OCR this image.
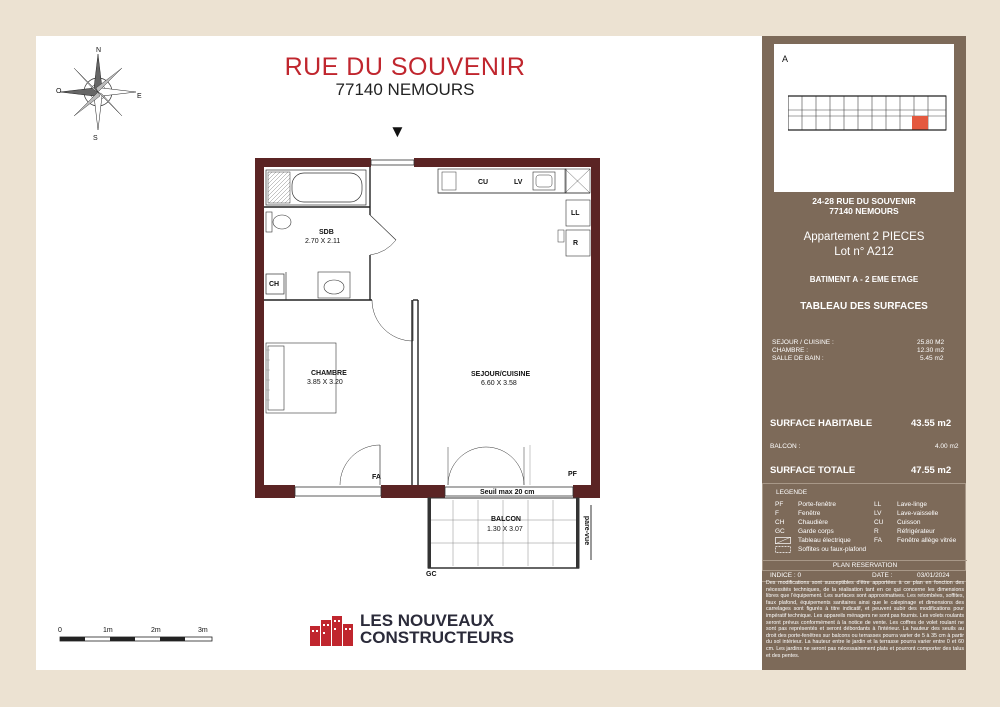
N
S
E
O
RUE DU SOUVENIR
77140 NEMOURS
▼
SDB
2.70 X 2.11
CHAMBRE
3.85 X 3.20
SEJOUR/CUISINE
6.60 X 3.58
BALCON
1.30 X 3.07
CH
CU	LV
LL
R
FA	PF
GC
Seuil max 20 cm
pare-vue
0	1m	2m	3m
LES NOUVEAUX
CONSTRUCTEURS
A
24-28 RUE DU SOUVENIR
77140 NEMOURS
Appartement 2 PIECES
Lot n° A212
BATIMENT A - 2 EME ETAGE
TABLEAU DES SURFACES
SEJOUR / CUISINE :	25.80 M2
CHAMBRE :	12.30 m2
SALLE DE BAIN :	5.45 m2
SURFACE HABITABLE	43.55 m2
BALCON :	4.00 m2
SURFACE TOTALE	47.55 m2
LEGENDE
PF Porte-fenêtre
F	Fenêtre
CH Chaudière
GC Garde corps
Tableau électrique
Soffites ou faux-plafond
LL Lave-linge
LV Lave-vaisselle
CU Cuisson
R	Réfrigérateur
FA Fenêtre allège vitrée
PLAN RESERVATION
INDICE : 0	DATE :	03/01/2024
Des modifications sont susceptibles d'être apportées à ce plan en fonction des nécessités techniques, de la réalisation tant en ce qui concerne les dimensions libres que l'équipement. Les surfaces sont approximatives. Les retombées, soffites, faux plafond, équipements sanitaires ainsi que le calepinage et dimensions des carrelages sont figurés à titre indicatif, et peuvent subir des modifications pour impératif technique. Les appareils ménagers ne sont pas fournis. Les volets roulants seront prévus conformément à la notice de vente. Les coffres de volet roulant ne sont pas représentés et seront débordants à l'intérieur. La hauteur des seuils au droit des porte-fenêtres sur balcons ou terrasses pourra varier de 5 à 35 cm à partir du sol intérieur. La hauteur entre le jardin et la terrasse pourra varier entre 0 et 60 cm. Les jardins ne seront pas nécessairement plats et pourront comporter des talus et des pentes.
